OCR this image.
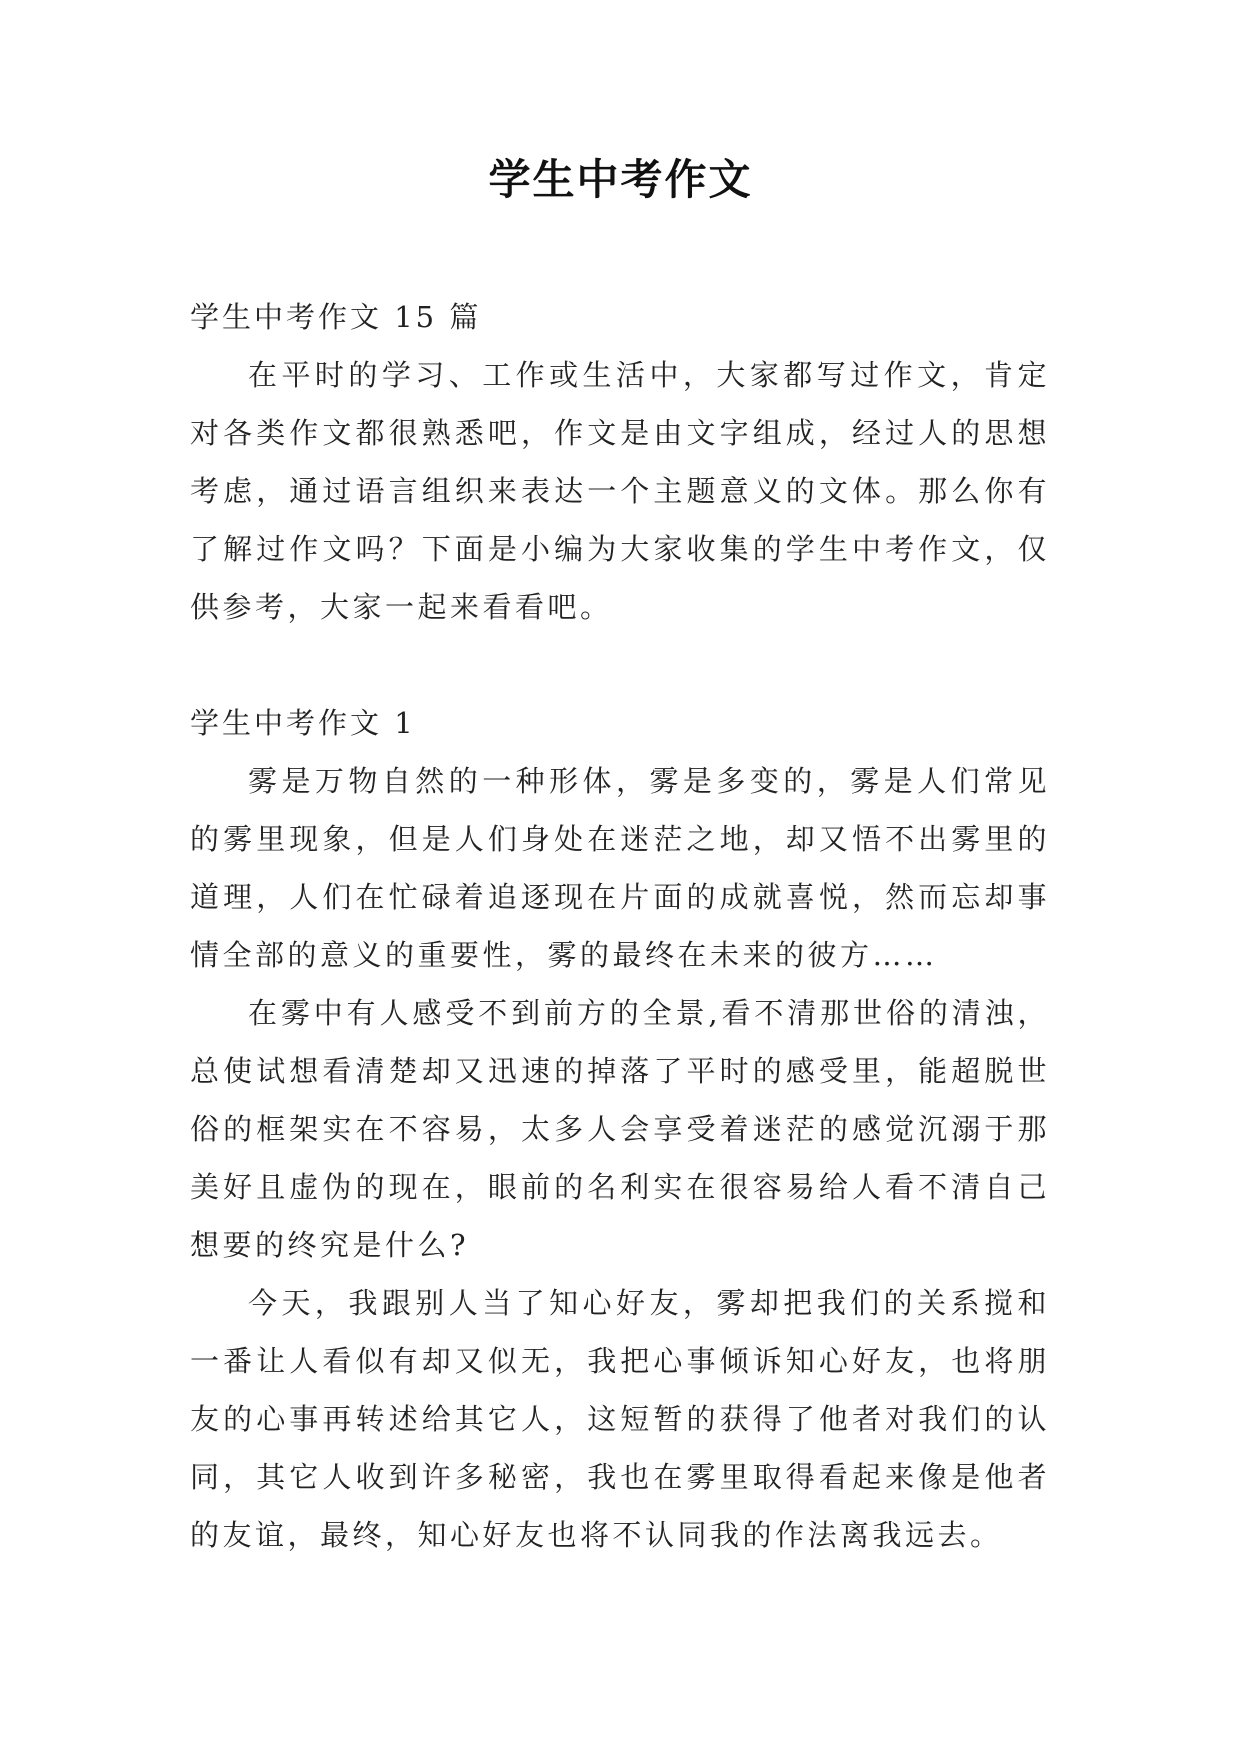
学生中考作文
学生中考作文 15 篇

在平时的学习、工作或生活中，大家都写过作文，肯定对各类作文都很熟悉吧，作文是由文字组成，经过人的思想考虑，通过语言组织来表达一个主题意义的文体。那么你有了解过作文吗？下面是小编为大家收集的学生中考作文，仅供参考，大家一起来看看吧。

学生中考作文 1

雾是万物自然的一种形体，雾是多变的，雾是人们常见的雾里现象，但是人们身处在迷茫之地，却又悟不出雾里的道理，人们在忙碌着追逐现在片面的成就喜悦，然而忘却事情全部的意义的重要性，雾的最终在未来的彼方……

在雾中有人感受不到前方的全景,看不清那世俗的清浊，总使试想看清楚却又迅速的掉落了平时的感受里，能超脱世俗的框架实在不容易，太多人会享受着迷茫的感觉沉溺于那美好且虚伪的现在，眼前的名利实在很容易给人看不清自己想要的终究是什么?

今天，我跟别人当了知心好友，雾却把我们的关系搅和一番让人看似有却又似无，我把心事倾诉知心好友，也将朋友的心事再转述给其它人，这短暂的获得了他者对我们的认同，其它人收到许多秘密，我也在雾里取得看起来像是他者的友谊，最终，知心好友也将不认同我的作法离我远去。
